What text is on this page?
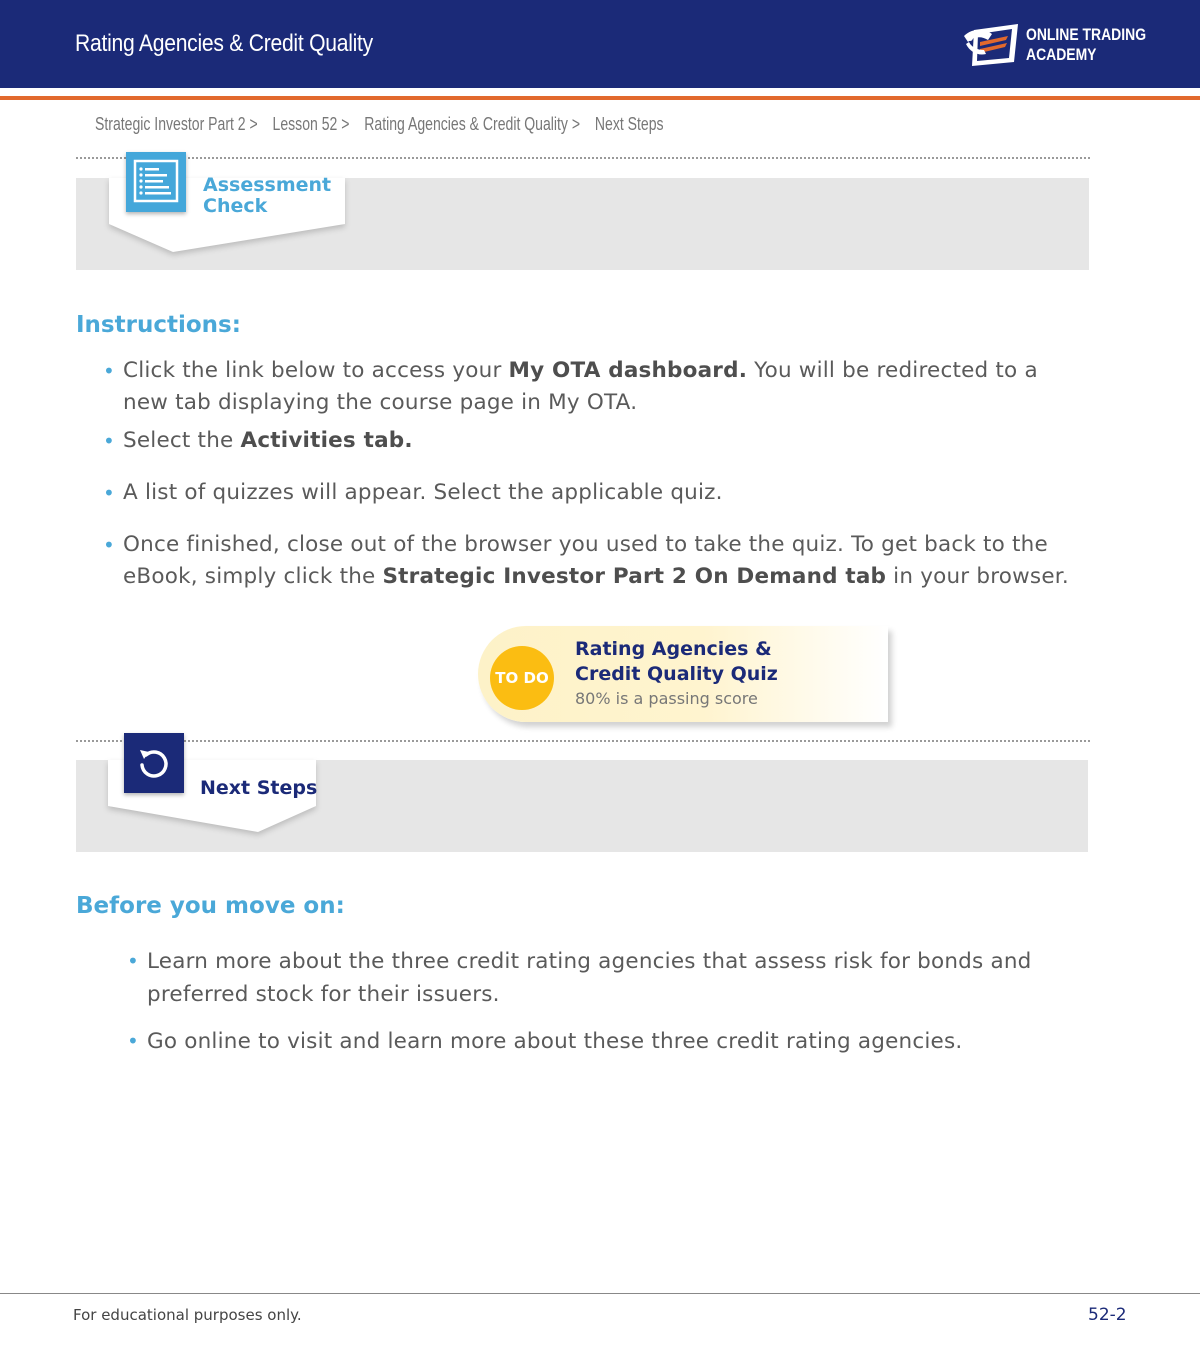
Rating Agencies & Credit Quality	ONLINE TRADING
ACADEMY
Strategic Investor Part 2 > Lesson 52 > Rating Agencies & Credit Quality > Next Steps
Assessment
Check
Instructions:
• Click the link below to access your My OTA dashboard. You will be redirected to a new tab displaying the course page in My OTA.
• Select the Activities tab.
• A list of quizzes will appear. Select the applicable quiz.
• Once finished, close out of the browser you used to take the quiz. To get back to the eBook, simply click the Strategic Investor Part 2 On Demand tab in your browser.
TO DO
Rating Agencies &
Credit Quality Quiz
80% is a passing score
Next Steps
Before you move on:
• Learn more about the three credit rating agencies that assess risk for bonds and preferred stock for their issuers.
• Go online to visit and learn more about these three credit rating agencies.
For educational purposes only.	52-2
